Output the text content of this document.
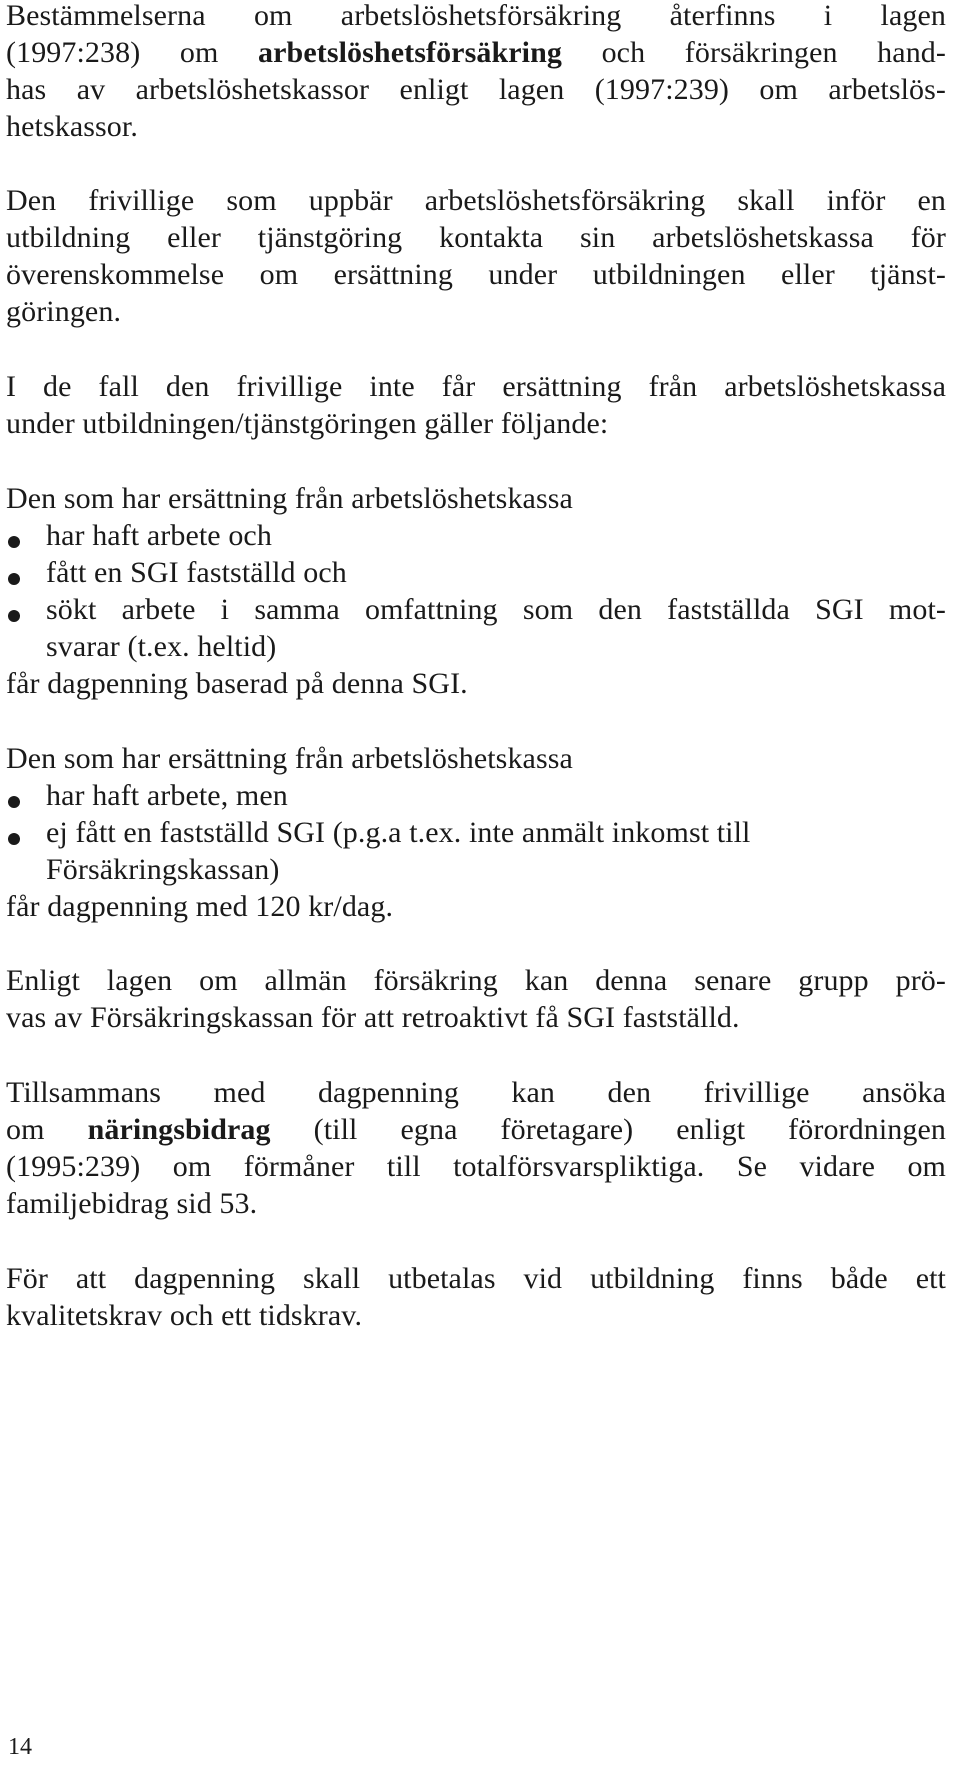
Bestämmelserna om arbetslöshetsförsäkring återfinns i lagen
(1997:238) om arbetslöshetsförsäkring och försäkringen hand-
has av arbetslöshetskassor enligt lagen (1997:239) om arbetslös-
hetskassor.
Den frivillige som uppbär arbetslöshetsförsäkring skall inför en
utbildning eller tjänstgöring kontakta sin arbetslöshetskassa för
överenskommelse om ersättning under utbildningen eller tjänst-
göringen.
I de fall den frivillige inte får ersättning från arbetslöshetskassa
under utbildningen/tjänstgöringen gäller följande:
Den som har ersättning från arbetslöshetskassa
har haft arbete och
fått en SGI fastställd och
sökt arbete i samma omfattning som den fastställda SGI mot-
svarar (t.ex. heltid)
får dagpenning baserad på denna SGI.
Den som har ersättning från arbetslöshetskassa
har haft arbete, men
ej fått en fastställd SGI (p.g.a t.ex. inte anmält inkomst till
Försäkringskassan)
får dagpenning med 120 kr/dag.
Enligt lagen om allmän försäkring kan denna senare grupp prö-
vas av Försäkringskassan för att retroaktivt få SGI fastställd.
Tillsammans med dagpenning kan den frivillige ansöka
om näringsbidrag (till egna företagare) enligt förordningen
(1995:239) om förmåner till totalförsvarspliktiga. Se vidare om
familjebidrag sid 53.
För att dagpenning skall utbetalas vid utbildning finns både ett
kvalitetskrav och ett tidskrav.
14
